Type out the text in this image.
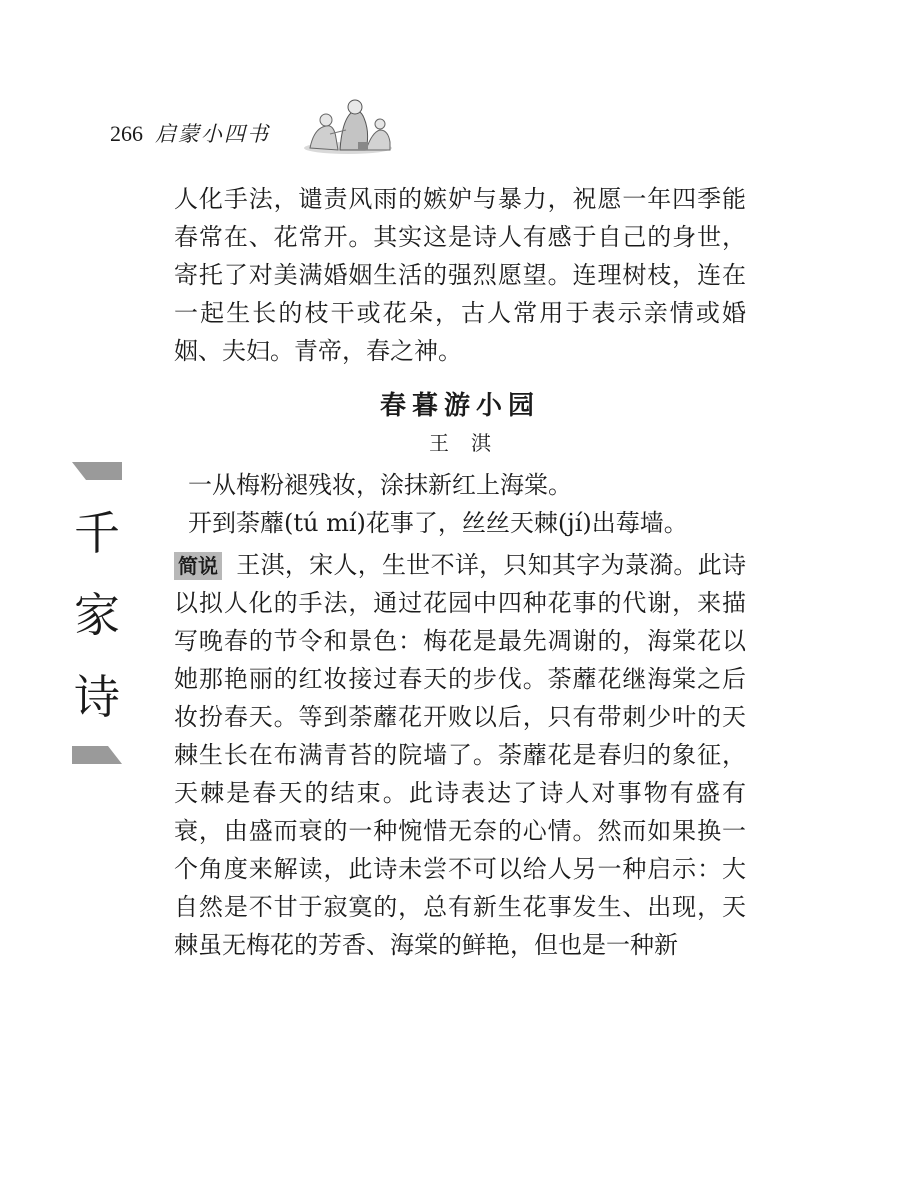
266 启蒙小四书
千
家
诗

人化手法，谴责风雨的嫉妒与暴力，祝愿一年四季能春常在、花常开。其实这是诗人有感于自己的身世，寄托了对美满婚姻生活的强烈愿望。连理树枝，连在一起生长的枝干或花朵，古人常用于表示亲情或婚姻、夫妇。青帝，春之神。

春暮游小园
王淇
一从梅粉褪残妆，涂抹新红上海棠。
开到荼蘼(tú mí)花事了，丝丝天棘(jí)出莓墙。

简说 王淇，宋人，生世不详，只知其字为菉漪。此诗以拟人化的手法，通过花园中四种花事的代谢，来描写晚春的节令和景色：梅花是最先凋谢的，海棠花以她那艳丽的红妆接过春天的步伐。荼蘼花继海棠之后妆扮春天。等到荼蘼花开败以后，只有带刺少叶的天棘生长在布满青苔的院墙了。荼蘼花是春归的象征，天棘是春天的结束。此诗表达了诗人对事物有盛有衰，由盛而衰的一种惋惜无奈的心情。然而如果换一个角度来解读，此诗未尝不可以给人另一种启示：大自然是不甘于寂寞的，总有新生花事发生、出现，天棘虽无梅花的芳香、海棠的鲜艳，但也是一种新
